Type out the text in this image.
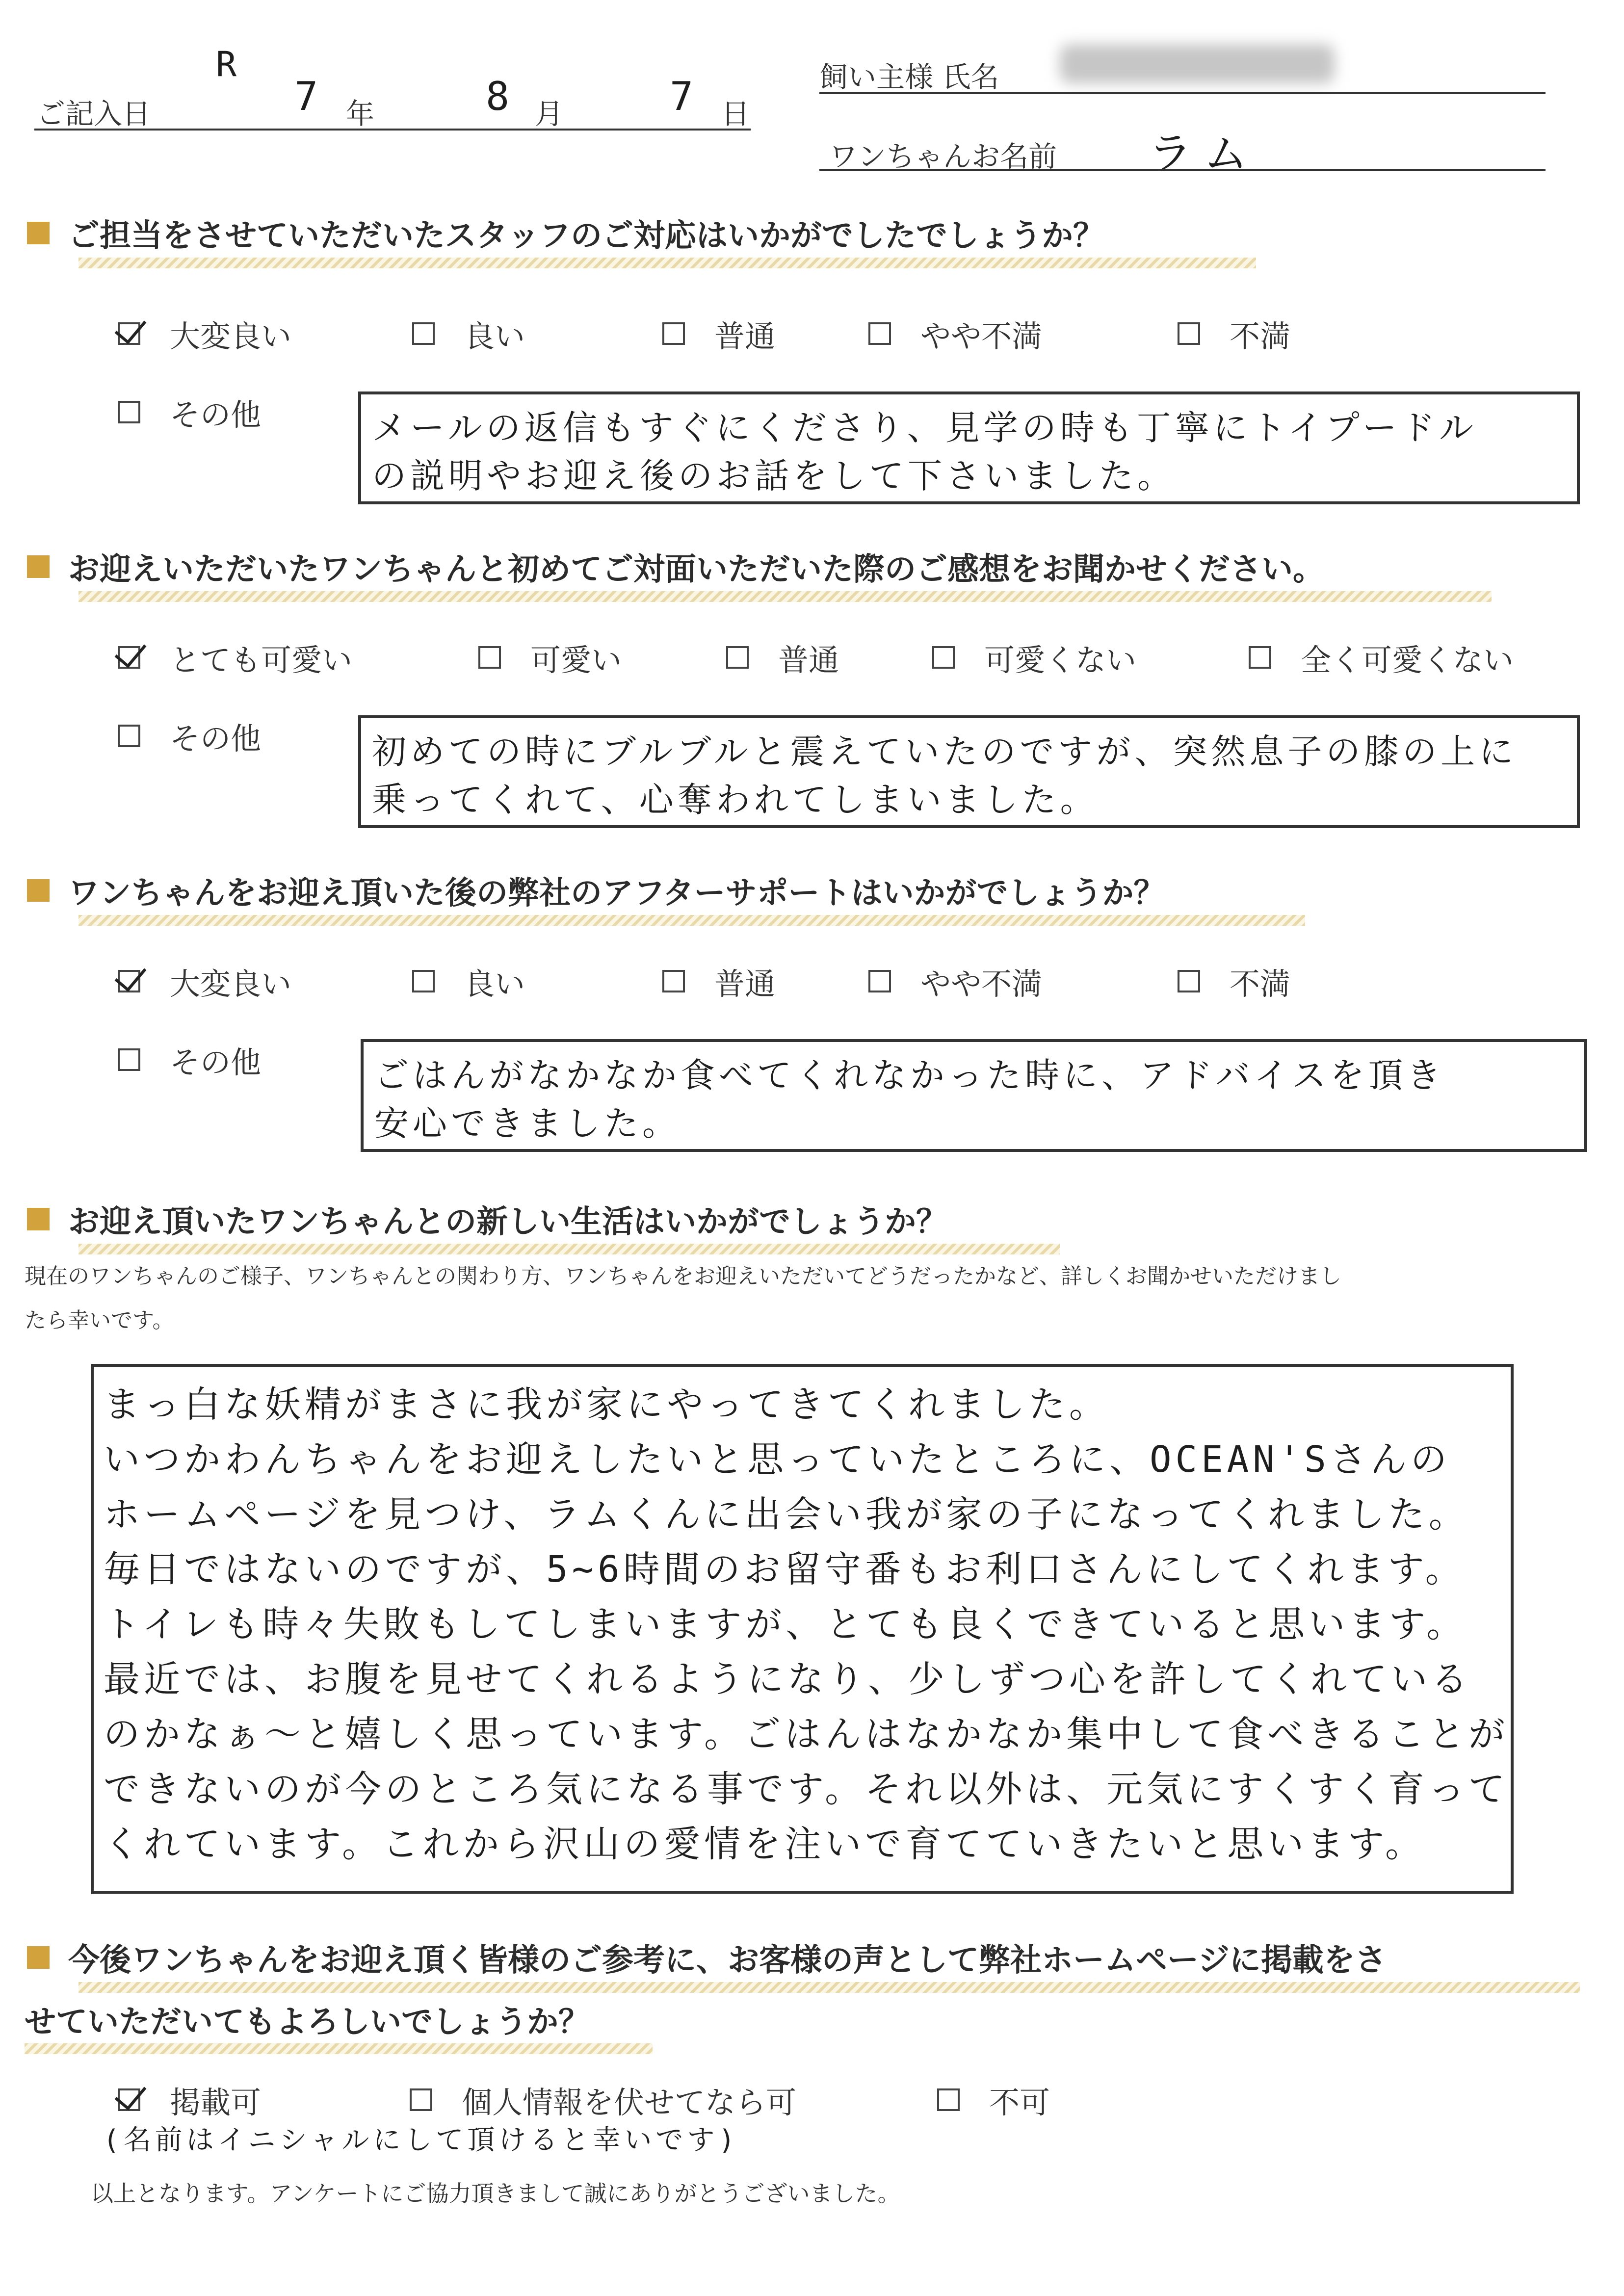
ご記入日
R
7 年	8 月	7 日
飼い主様 氏名
ワンちゃんお名前 ラム
ご担当をさせていただいたスタッフのご対応はいかがでしたでしょうか？
大変良い	良い	普通	やや不満	不満
その他	メールの返信もすぐにくださり、見学の時も丁寧にトイプードル
の説明やお迎え後のお話をして下さいました。
お迎えいただいたワンちゃんと初めてご対面いただいた際のご感想をお聞かせください。
とても可愛い	可愛い	普通	可愛くない	全く可愛くない
その他	初めての時にブルブルと震えていたのですが、突然息子の膝の上に
乗ってくれて、心奪われてしまいました。
ワンちゃんをお迎え頂いた後の弊社のアフターサポートはいかがでしょうか？
大変良い	良い	普通	やや不満	不満
その他	ごはんがなかなか食べてくれなかった時に、アドバイスを頂き
安心できました。
お迎え頂いたワンちゃんとの新しい生活はいかがでしょうか？
現在のワンちゃんのご様子、ワンちゃんとの関わり方、ワンちゃんをお迎えいただいてどうだったかなど、詳しくお聞かせいただけまし
たら幸いです。
まっ白な妖精がまさに我が家にやってきてくれました。
いつかわんちゃんをお迎えしたいと思っていたところに、OCEAN'Sさんの
ホームページを見つけ、ラムくんに出会い我が家の子になってくれました。
毎日ではないのですが、5~6時間のお留守番もお利口さんにしてくれます。
トイレも時々失敗もしてしまいますが、とても良くできていると思います。
最近では、お腹を見せてくれるようになり、少しずつ心を許してくれている
のかなぁ～と嬉しく思っています。ごはんはなかなか集中して食べきることが
できないのが今のところ気になる事です。それ以外は、元気にすくすく育って
くれています。これから沢山の愛情を注いで育てていきたいと思います。
今後ワンちゃんをお迎え頂く皆様のご参考に、お客様の声として弊社ホームページに掲載をさ
せていただいてもよろしいでしょうか？
掲載可	個人情報を伏せてなら可	不可
(名前はイニシャルにして頂けると幸いです)
以上となります。アンケートにご協力頂きまして誠にありがとうございました。
